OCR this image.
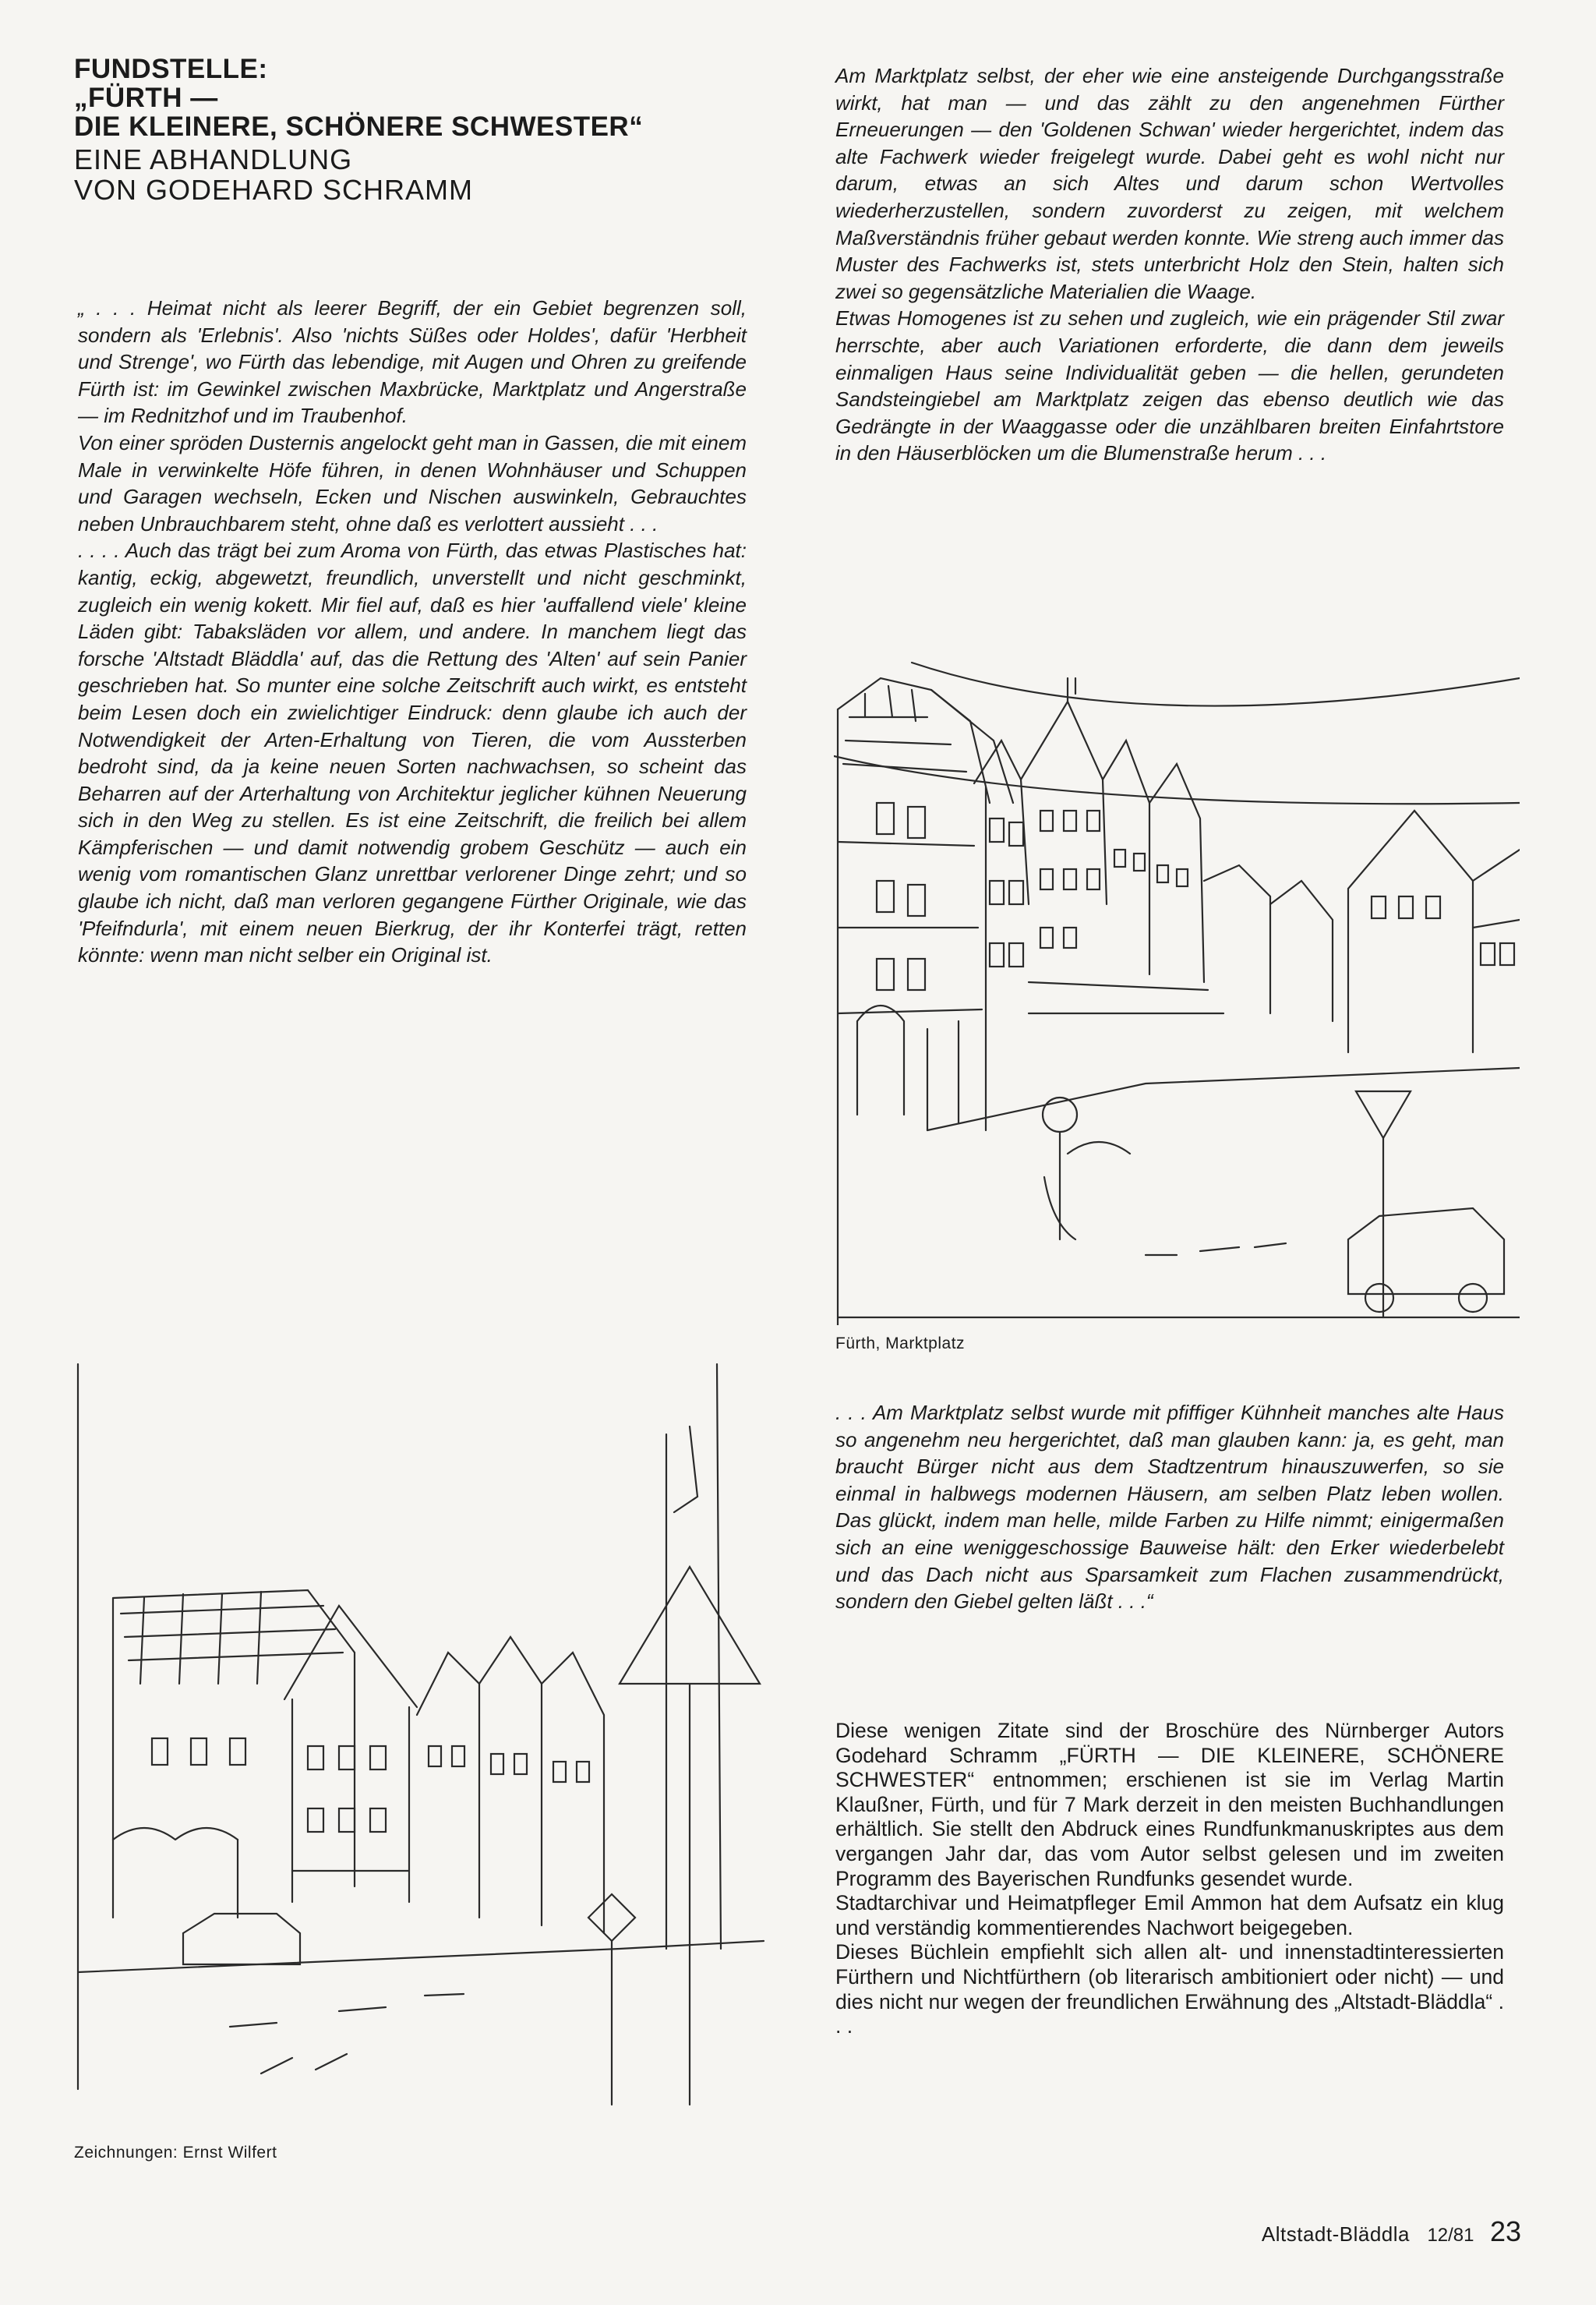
FUNDSTELLE:

„FÜRTH —

DIE KLEINERE, SCHÖNERE SCHWESTER“

EINE ABHANDLUNG

VON GODEHARD SCHRAMM

„ . . . Heimat nicht als leerer Begriff, der ein Gebiet begrenzen soll, sondern als 'Erlebnis'. Also 'nichts Süßes oder Holdes', dafür 'Herbheit und Strenge', wo Fürth das lebendige, mit Augen und Ohren zu greifende Fürth ist: im Gewinkel zwischen Maxbrücke, Marktplatz und Angerstraße — im Rednitzhof und im Traubenhof.

Von einer spröden Dusternis angelockt geht man in Gassen, die mit einem Male in verwinkelte Höfe führen, in denen Wohnhäuser und Schuppen und Garagen wechseln, Ecken und Nischen auswinkeln, Gebrauchtes neben Unbrauchbarem steht, ohne daß es verlottert aussieht . . .

. . . . Auch das trägt bei zum Aroma von Fürth, das etwas Plastisches hat: kantig, eckig, abgewetzt, freundlich, unverstellt und nicht geschminkt, zugleich ein wenig kokett. Mir fiel auf, daß es hier 'auffallend viele' kleine Läden gibt: Tabaksläden vor allem, und andere. In manchem liegt das forsche 'Altstadt Bläddla' auf, das die Rettung des 'Alten' auf sein Panier geschrieben hat. So munter eine solche Zeitschrift auch wirkt, es entsteht beim Lesen doch ein zwielichtiger Eindruck: denn glaube ich auch der Notwendigkeit der Arten-Erhaltung von Tieren, die vom Aussterben bedroht sind, da ja keine neuen Sorten nachwachsen, so scheint das Beharren auf der Arterhaltung von Architektur jeglicher kühnen Neuerung sich in den Weg zu stellen. Es ist eine Zeitschrift, die freilich bei allem Kämpferischen — und damit notwendig grobem Geschütz — auch ein wenig vom romantischen Glanz unrettbar verlorener Dinge zehrt; und so glaube ich nicht, daß man verloren gegangene Fürther Originale, wie das 'Pfeifndurla', mit einem neuen Bierkrug, der ihr Konterfei trägt, retten könnte: wenn man nicht selber ein Original ist.

Am Marktplatz selbst, der eher wie eine ansteigende Durchgangsstraße wirkt, hat man — und das zählt zu den angenehmen Fürther Erneuerungen — den 'Goldenen Schwan' wieder hergerichtet, indem das alte Fachwerk wieder freigelegt wurde. Dabei geht es wohl nicht nur darum, etwas an sich Altes und darum schon Wertvolles wiederherzustellen, sondern zuvorderst zu zeigen, mit welchem Maßverständnis früher gebaut werden konnte. Wie streng auch immer das Muster des Fachwerks ist, stets unterbricht Holz den Stein, halten sich zwei so gegensätzliche Materialien die Waage.

Etwas Homogenes ist zu sehen und zugleich, wie ein prägender Stil zwar herrschte, aber auch Variationen erforderte, die dann dem jeweils einmaligen Haus seine Individualität geben — die hellen, gerundeten Sandsteingiebel am Marktplatz zeigen das ebenso deutlich wie das Gedrängte in der Waaggasse oder die unzählbaren breiten Einfahrtstore in den Häuserblöcken um die Blumenstraße herum . . .

Fürth, Marktplatz

Zeichnungen: Ernst Wilfert

. . . Am Marktplatz selbst wurde mit pfiffiger Kühnheit manches alte Haus so angenehm neu hergerichtet, daß man glauben kann: ja, es geht, man braucht Bürger nicht aus dem Stadtzentrum hinauszuwerfen, so sie einmal in halbwegs modernen Häusern, am selben Platz leben wollen. Das glückt, indem man helle, milde Farben zu Hilfe nimmt; einigermaßen sich an eine weniggeschossige Bauweise hält: den Erker wiederbelebt und das Dach nicht aus Sparsamkeit zum Flachen zusammendrückt, sondern den Giebel gelten läßt . . .“

Diese wenigen Zitate sind der Broschüre des Nürnberger Autors Godehard Schramm „FÜRTH — DIE KLEINERE, SCHÖNERE SCHWESTER“ entnommen; erschienen ist sie im Verlag Martin Klaußner, Fürth, und für 7 Mark derzeit in den meisten Buchhandlungen erhältlich. Sie stellt den Abdruck eines Rundfunkmanuskriptes aus dem vergangen Jahr dar, das vom Autor selbst gelesen und im zweiten Programm des Bayerischen Rundfunks gesendet wurde.

Stadtarchivar und Heimatpfleger Emil Ammon hat dem Aufsatz ein klug und verständig kommentierendes Nachwort beigegeben.

Dieses Büchlein empfiehlt sich allen alt- und innenstadtinteressierten Fürthern und Nichtfürthern (ob literarisch ambitioniert oder nicht) — und dies nicht nur wegen der freundlichen Erwähnung des „Altstadt-Bläddla“ . . .

Altstadt-Bläddla 12/81 23
